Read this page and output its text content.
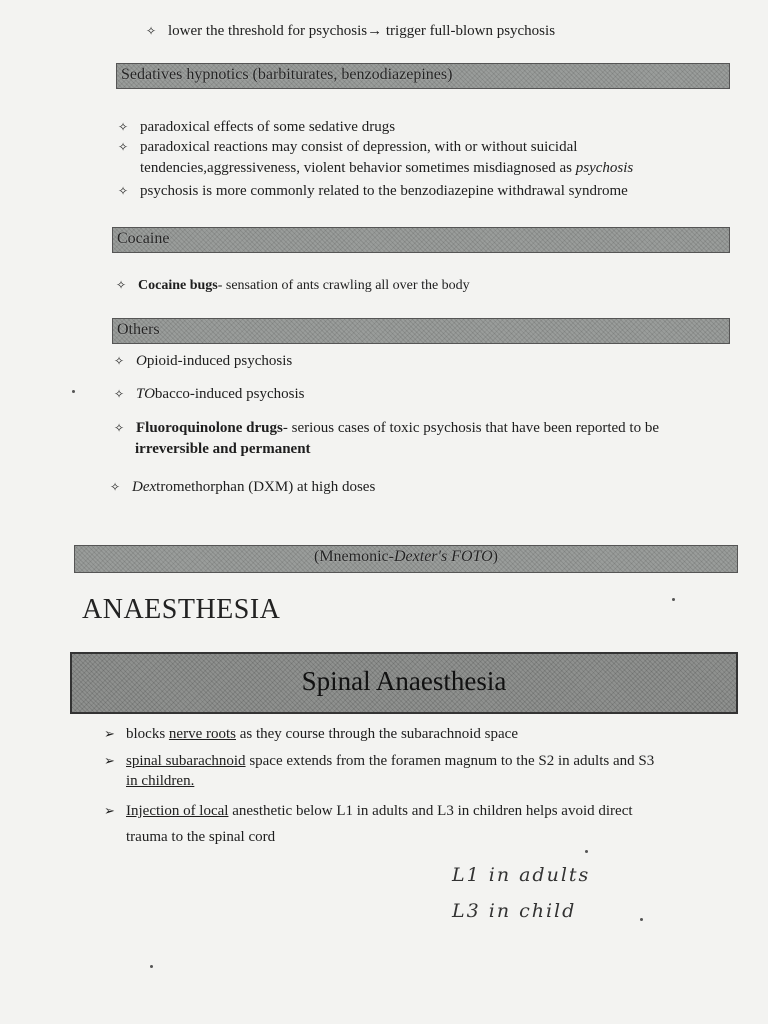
✧ lower the threshold for psychosis→ trigger full-blown psychosis
Sedatives hypnotics (barbiturates, benzodiazepines)
✧ paradoxical effects of some sedative drugs
✧ paradoxical reactions may consist of depression, with or without suicidal
tendencies,aggressiveness, violent behavior sometimes misdiagnosed as psychosis
✧ psychosis is more commonly related to the benzodiazepine withdrawal syndrome
Cocaine
✧ Cocaine bugs- sensation of ants crawling all over the body
Others
✧ Opioid-induced psychosis
✧ TObacco-induced psychosis
✧ Fluoroquinolone drugs- serious cases of toxic psychosis that have been reported to be
irreversible and permanent
✧ Dextromethorphan (DXM) at high doses
(Mnemonic-Dexter's FOTO)
ANAESTHESIA
Spinal Anaesthesia
➢ blocks nerve roots as they course through the subarachnoid space
➢ spinal subarachnoid space extends from the foramen magnum to the S2 in adults and S3
in children.
➢ Injection of local anesthetic below L1 in adults and L3 in children helps avoid direct
trauma to the spinal cord
L1 in adults
L3 in child
